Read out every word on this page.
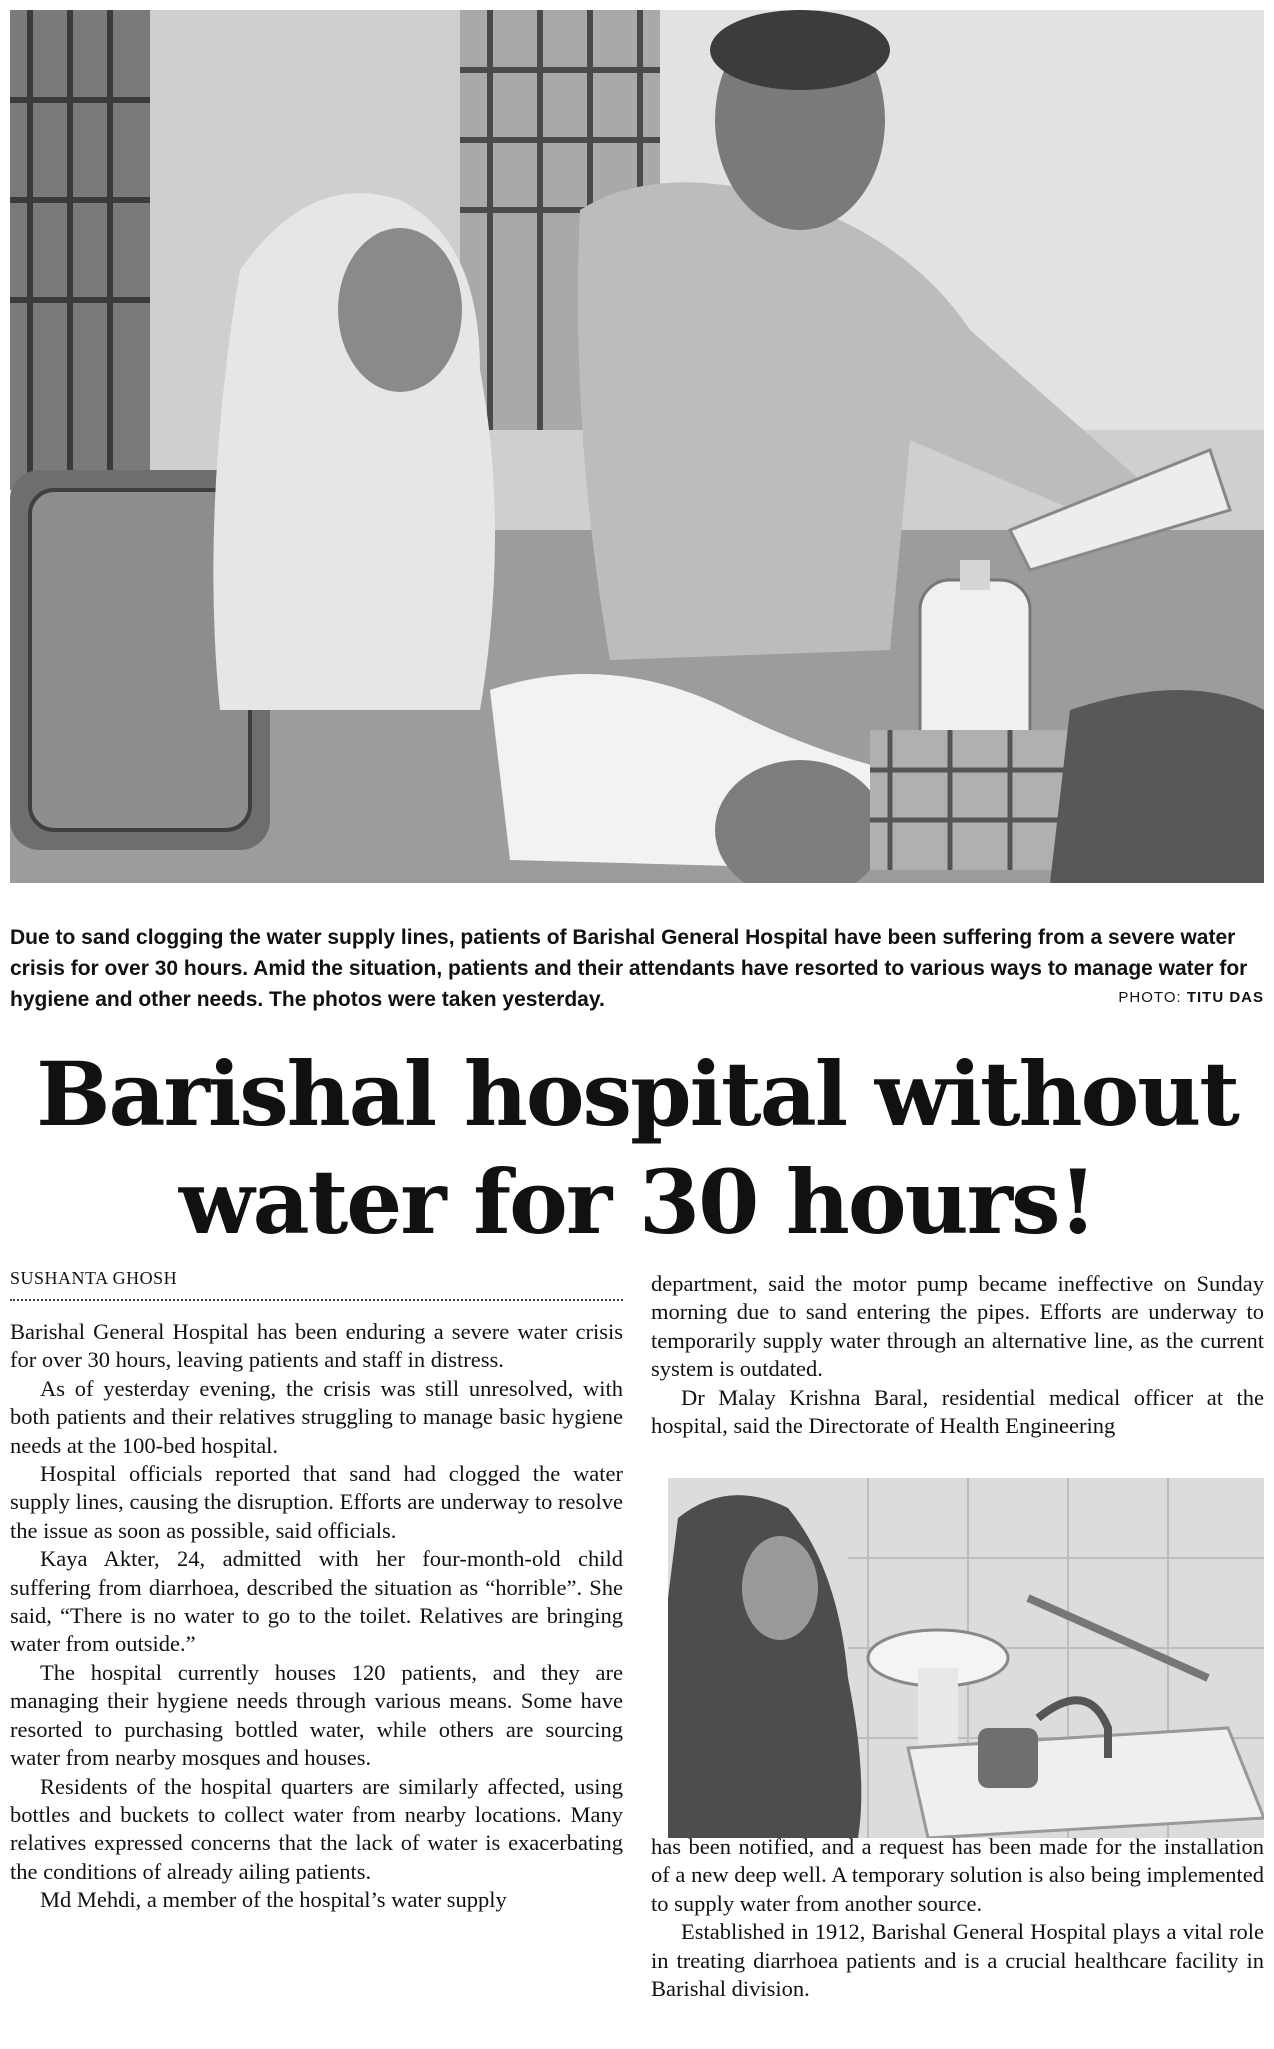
Due to sand clogging the water supply lines, patients of Barishal General Hospital have been suffering from a severe water crisis for over 30 hours. Amid the situation, patients and their attendants have resorted to various ways to manage water for hygiene and other needs. The photos were taken yesterday.	PHOTO: TITU DAS
Barishal hospital without
water for 30 hours!
SUSHANTA GHOSH

Barishal General Hospital has been enduring a severe water crisis for over 30 hours, leaving patients and staff in distress.

As of yesterday evening, the crisis was still unresolved, with both patients and their relatives struggling to manage basic hygiene needs at the 100-bed hospital.

Hospital officials reported that sand had clogged the water supply lines, causing the disruption. Efforts are underway to resolve the issue as soon as possible, said officials.

Kaya Akter, 24, admitted with her four-month-old child suffering from diarrhoea, described the situation as “horrible”. She said, “There is no water to go to the toilet. Relatives are bringing water from outside.”

The hospital currently houses 120 patients, and they are managing their hygiene needs through various means. Some have resorted to purchasing bottled water, while others are sourcing water from nearby mosques and houses.

Residents of the hospital quarters are similarly affected, using bottles and buckets to collect water from nearby locations. Many relatives expressed concerns that the lack of water is exacerbating the conditions of already ailing patients.

Md Mehdi, a member of the hospital’s water supply

department, said the motor pump became ineffective on Sunday morning due to sand entering the pipes. Efforts are underway to temporarily supply water through an alternative line, as the current system is outdated.

Dr Malay Krishna Baral, residential medical officer at the hospital, said the Directorate of Health Engineering

has been notified, and a request has been made for the installation of a new deep well. A temporary solution is also being implemented to supply water from another source.

Established in 1912, Barishal General Hospital plays a vital role in treating diarrhoea patients and is a crucial healthcare facility in Barishal division.
